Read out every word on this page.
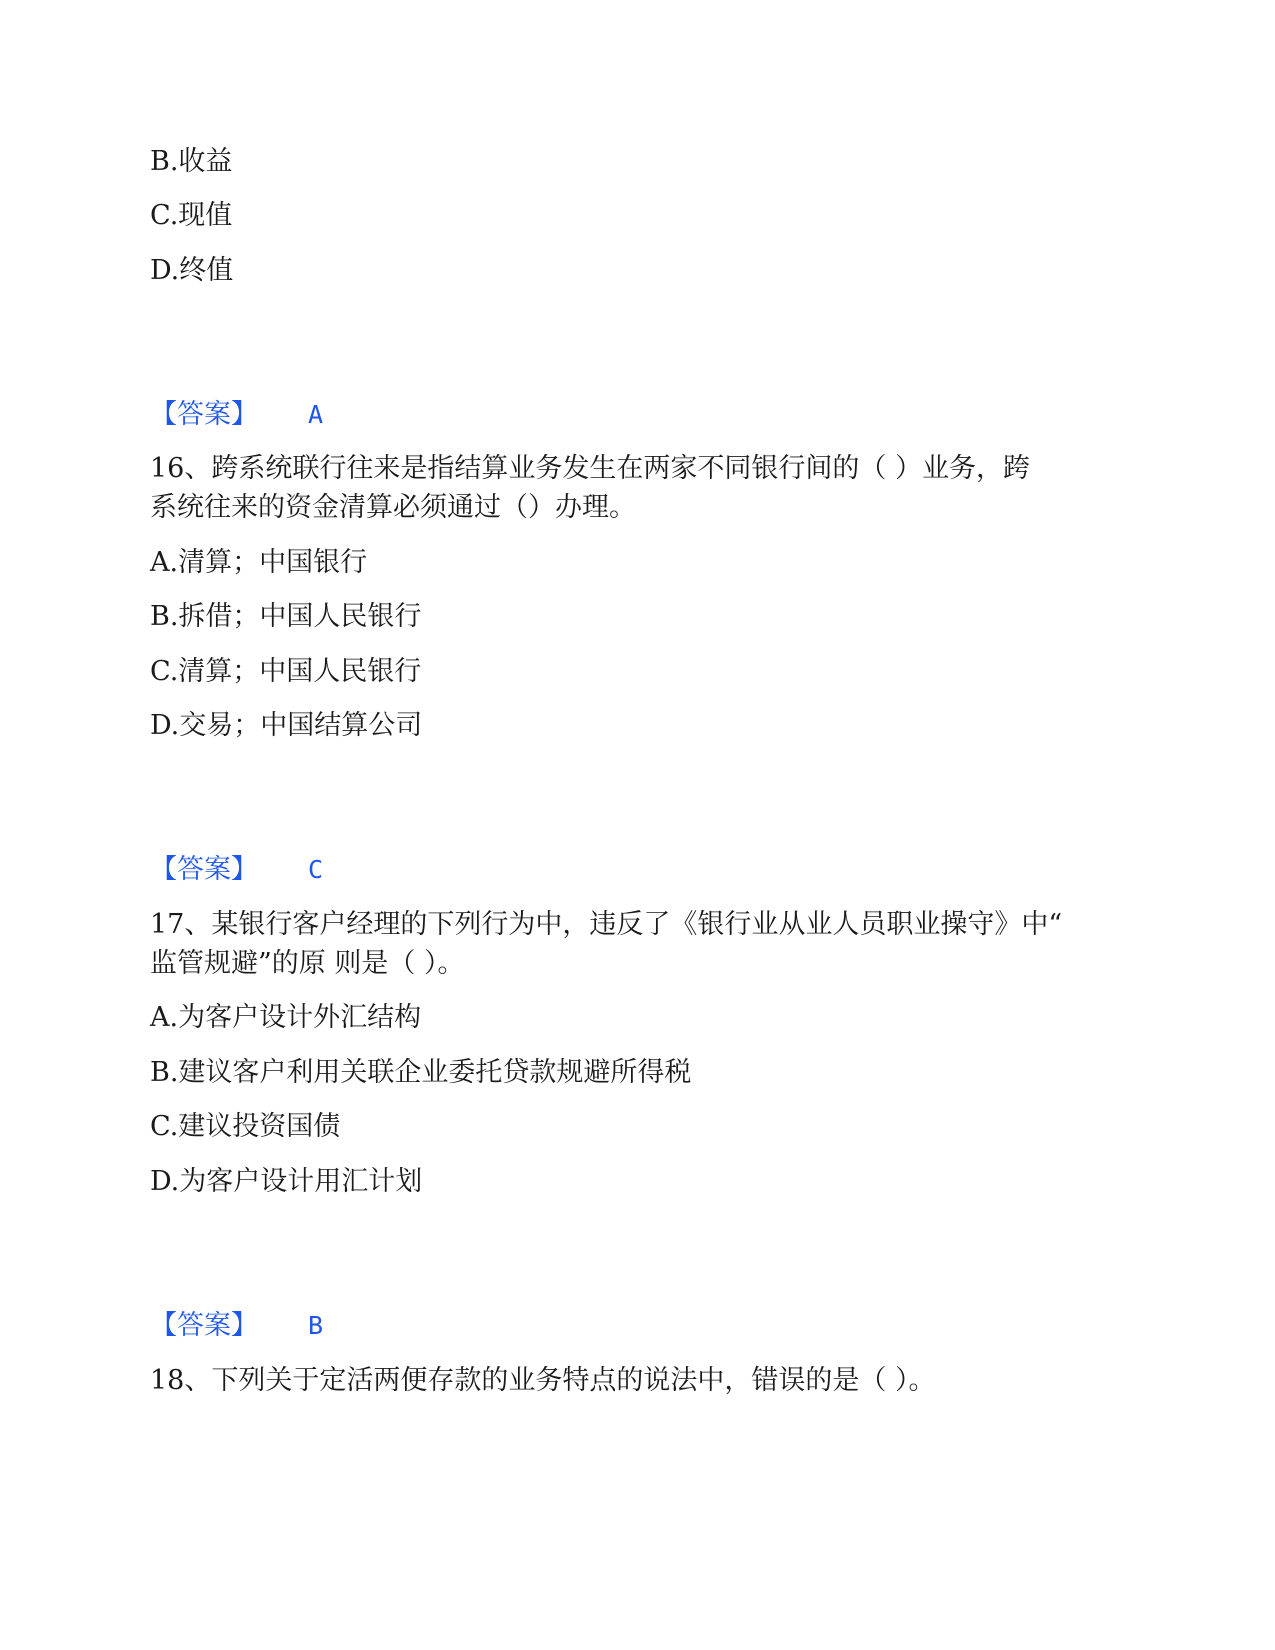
B.收益
C.现值
D.终值
【答案】 A
16、跨系统联行往来是指结算业务发生在两家不同银行间的（ ）业务，跨
系统往来的资金清算必须通过（）办理。
A.清算；中国银行
B.拆借；中国人民银行
C.清算；中国人民银行
D.交易；中国结算公司
【答案】 C
17、某银行客户经理的下列行为中，违反了《银行业从业人员职业操守》中“
监管规避”的原 则是（ ）。
A.为客户设计外汇结构
B.建议客户利用关联企业委托贷款规避所得税
C.建议投资国债
D.为客户设计用汇计划
【答案】 B
18、下列关于定活两便存款的业务特点的说法中，错误的是（ ）。
